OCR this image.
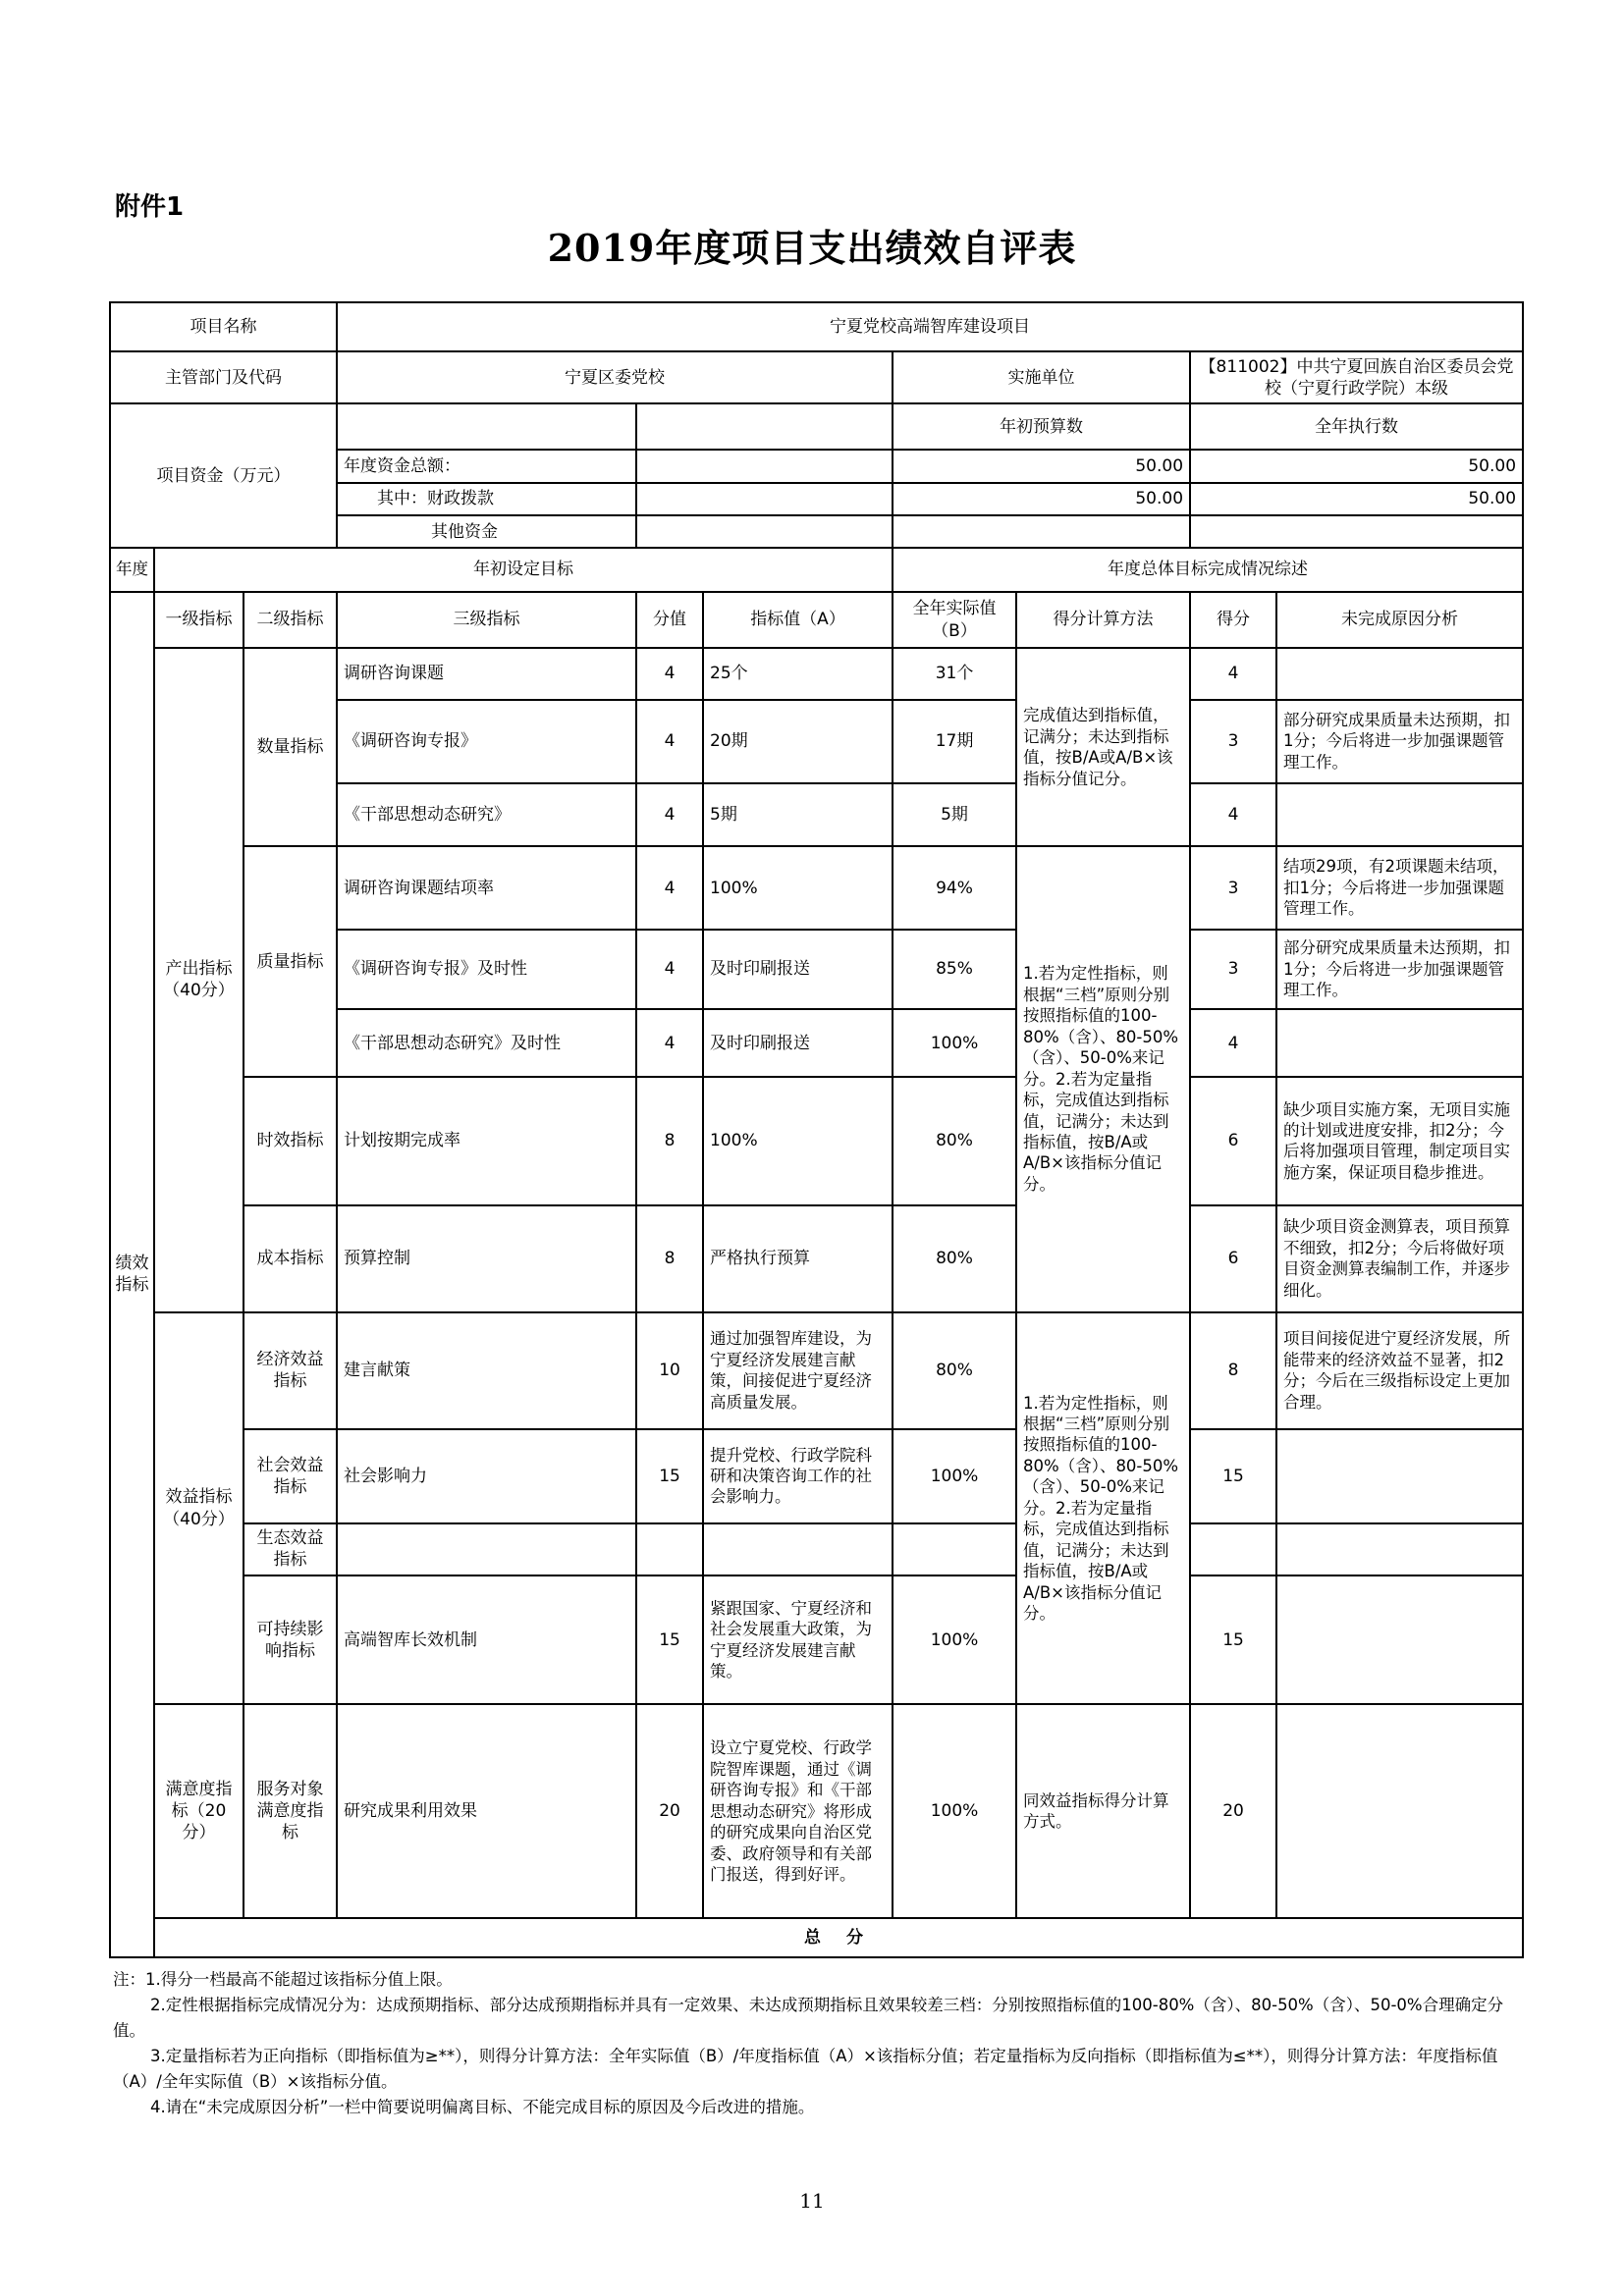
附件1
2019年度项目支出绩效自评表
项目名称			宁夏党校高端智库建设项目							
主管部门及代码			宁夏区委党校			实施单位		【811002】中共宁夏回族自治区委员会党校（宁夏行政学院）本级		
项目资金（万元）						年初预算数		全年执行数		
			年度资金总额：			50.00		50.00		
			其中：财政拨款			50.00		50.00		
			其他资金							
年度	年初设定目标					年度总体目标完成情况综述				
绩效指标	一级指标	二级指标	三级指标	分值	指标值（A）	全年实际值（B）	得分计算方法	得分	未完成原因分析	
	产出指标（40分）	数量指标	调研咨询课题	4	25个	31个	完成值达到指标值，记满分；未达到指标值，按B/A或A/B×该指标分值记分。	4		
			《调研咨询专报》	4	20期	17期		3	部分研究成果质量未达预期，扣1分；今后将进一步加强课题管理工作。	
			《干部思想动态研究》	4	5期	5期		4		
		质量指标	调研咨询课题结项率	4	100%	94%	1.若为定性指标，则根据“三档”原则分别按照指标值的100-80%（含）、80-50%（含）、50-0%来记分。2.若为定量指标，完成值达到指标值，记满分；未达到指标值，按B/A或A/B×该指标分值记分。	3	结项29项，有2项课题未结项，扣1分；今后将进一步加强课题管理工作。	
			《调研咨询专报》及时性	4	及时印刷报送	85%		3	部分研究成果质量未达预期，扣1分；今后将进一步加强课题管理工作。	
			《干部思想动态研究》及时性	4	及时印刷报送	100%		4		
		时效指标	计划按期完成率	8	100%	80%		6	缺少项目实施方案，无项目实施的计划或进度安排，扣2分；今后将加强项目管理，制定项目实施方案，保证项目稳步推进。	
		成本指标	预算控制	8	严格执行预算	80%		6	缺少项目资金测算表，项目预算不细致，扣2分；今后将做好项目资金测算表编制工作，并逐步细化。	
	效益指标（40分）	经济效益指标	建言献策	10	通过加强智库建设，为宁夏经济发展建言献策，间接促进宁夏经济高质量发展。	80%	1.若为定性指标，则根据“三档”原则分别按照指标值的100-80%（含）、80-50%（含）、50-0%来记分。2.若为定量指标，完成值达到指标值，记满分；未达到指标值，按B/A或A/B×该指标分值记分。	8	项目间接促进宁夏经济发展，所能带来的经济效益不显著，扣2分；今后在三级指标设定上更加合理。	
		社会效益指标	社会影响力	15	提升党校、行政学院科研和决策咨询工作的社会影响力。	100%		15		
		生态效益指标								
		可持续影响指标	高端智库长效机制	15	紧跟国家、宁夏经济和社会发展重大政策，为宁夏经济发展建言献策。	100%		15		
	满意度指标（20分）	服务对象满意度指标	研究成果利用效果	20	设立宁夏党校、行政学院智库课题，通过《调研咨询专报》和《干部思想动态研究》将形成的研究成果向自治区党委、政府领导和有关部门报送，得到好评。	100%	同效益指标得分计算方式。	20		
	总 分	

注：1.得分一档最高不能超过该指标分值上限。

2.定性根据指标完成情况分为：达成预期指标、部分达成预期指标并具有一定效果、未达成预期指标且效果较差三档：分别按照指标值的100-80%（含）、80-50%（含）、50-0%合理确定分值。

3.定量指标若为正向指标（即指标值为≥**），则得分计算方法：全年实际值（B）/年度指标值（A）×该指标分值；若定量指标为反向指标（即指标值为≤**），则得分计算方法：年度指标值（A）/全年实际值（B）×该指标分值。

4.请在“未完成原因分析”一栏中简要说明偏离目标、不能完成目标的原因及今后改进的措施。

11
